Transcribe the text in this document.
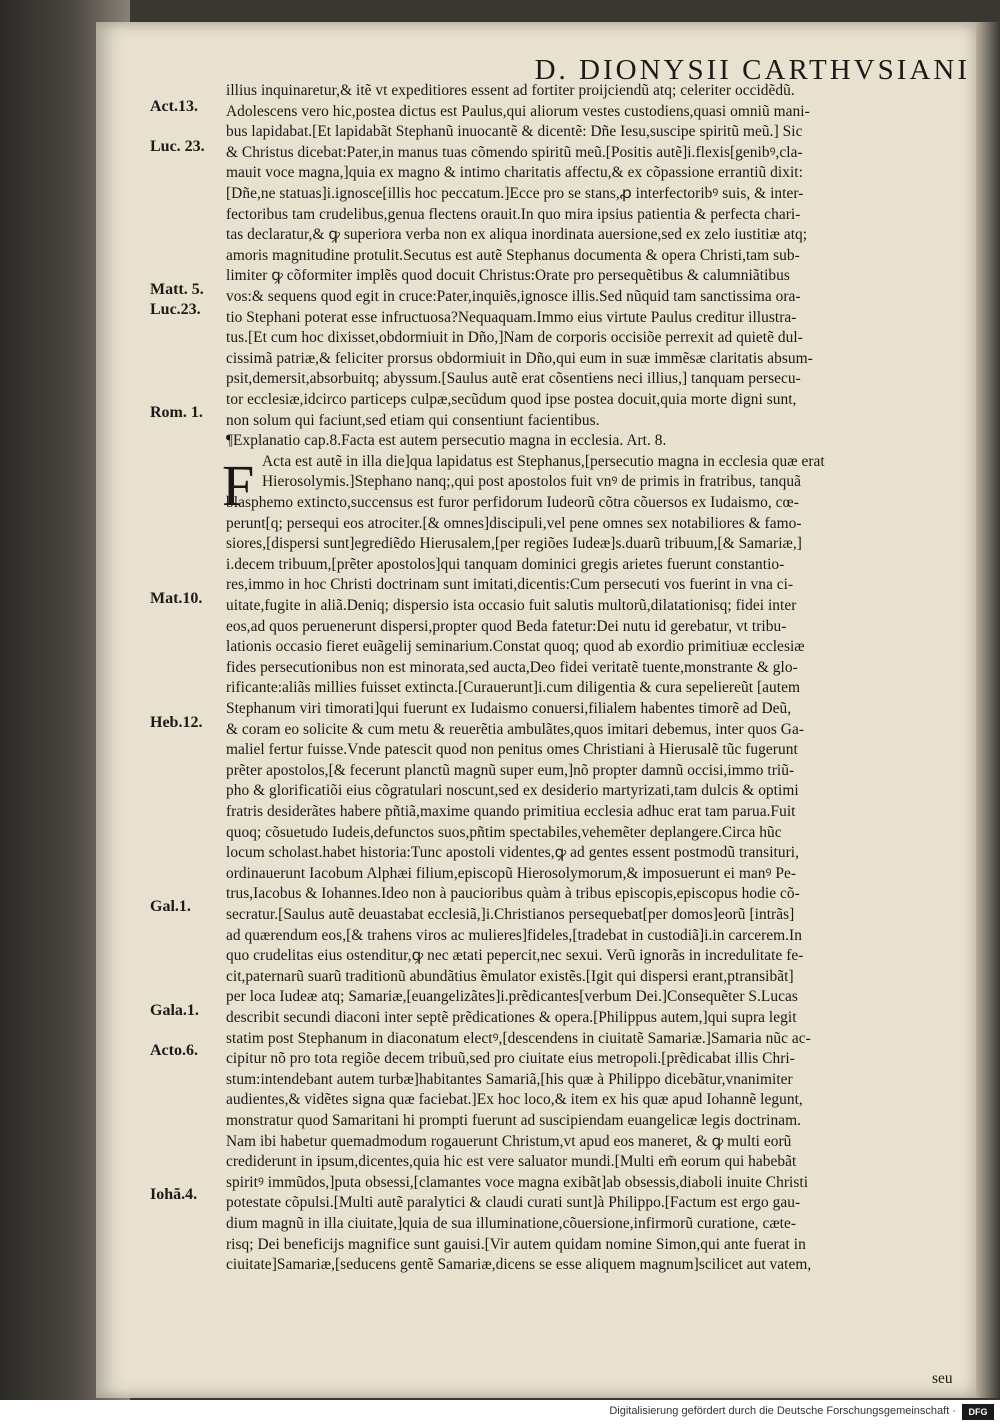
D. DIONYSII CARTHVSIANI
Act.13.
Luc. 23.
Matt. 5.
Luc.23.
Rom. 1.
Mat.10.
Heb.12.
Gal.1.
Gala.1.
Acto.6.
Iohã.4.
F
illius inquinaretur,& itẽ vt expeditiores essent ad fortiter proijciendũ atq; celeriter occidẽdũ.
Adolescens vero hic,postea dictus est Paulus,qui aliorum vestes custodiens,quasi omniũ mani-
bus lapidabat.[Et lapidabãt Stephanũ inuocantẽ & dicentẽ: Dñe Iesu,suscipe spiritũ meũ.] Sic
& Christus dicebat:Pater,in manus tuas cõmendo spiritũ meũ.[Positis autẽ]i.flexis[genibꝰ,cla-
mauit voce magna,]quia ex magno & intimo charitatis affectu,& ex cõpassione errantiũ dixit:
[Dñe,ne statuas]i.ignosce[illis hoc peccatum.]Ecce pro se stans,ꝓ interfectoribꝰ suis, & inter-
fectoribus tam crudelibus,genua flectens orauit.In quo mira ipsius patientia & perfecta chari-
tas declaratur,& ꝙ superiora verba non ex aliqua inordinata auersione,sed ex zelo iustitiæ atq;
amoris magnitudine protulit.Secutus est autẽ Stephanus documenta & opera Christi,tam sub-
limiter ꝙ cõformiter implẽs quod docuit Christus:Orate pro persequẽtibus & calumniãtibus
vos:& sequens quod egit in cruce:Pater,inquiẽs,ignosce illis.Sed nũquid tam sanctissima ora-
tio Stephani poterat esse infructuosa?Nequaquam.Immo eius virtute Paulus creditur illustra-
tus.[Et cum hoc dixisset,obdormiuit in Dño,]Nam de corporis occisiõe perrexit ad quietẽ dul-
cissimã patriæ,& feliciter prorsus obdormiuit in Dño,qui eum in suæ immẽsæ claritatis absum-
psit,demersit,absorbuitq; abyssum.[Saulus autẽ erat cõsentiens neci illius,] tanquam persecu-
tor ecclesiæ,idcirco particeps culpæ,secũdum quod ipse postea docuit,quia morte digni sunt,
non solum qui faciunt,sed etiam qui consentiunt facientibus.
¶Explanatio cap.8.Facta est autem persecutio magna in ecclesia. Art. 8.
Acta est autẽ in illa die]qua lapidatus est Stephanus,[persecutio magna in ecclesia quæ erat
Hierosolymis.]Stephano nanq;,qui post apostolos fuit vnꝰ de primis in fratribus, tanquã
blasphemo extincto,succensus est furor perfidorum Iudeorũ cõtra cõuersos ex Iudaismo, cœ-
perunt[q; persequi eos atrociter.[& omnes]discipuli,vel pene omnes sex notabiliores & famo-
siores,[dispersi sunt]egrediẽdo Hierusalem,[per regiões Iudeæ]s.duarũ tribuum,[& Samariæ,]
i.decem tribuum,[prẽter apostolos]qui tanquam dominici gregis arietes fuerunt constantio-
res,immo in hoc Christi doctrinam sunt imitati,dicentis:Cum persecuti vos fuerint in vna ci-
uitate,fugite in aliã.Deniq; dispersio ista occasio fuit salutis multorũ,dilatationisq; fidei inter
eos,ad quos peruenerunt dispersi,propter quod Beda fatetur:Dei nutu id gerebatur, vt tribu-
lationis occasio fieret euãgelij seminarium.Constat quoq; quod ab exordio primitiuæ ecclesiæ
fides persecutionibus non est minorata,sed aucta,Deo fidei veritatẽ tuente,monstrante & glo-
rificante:aliãs millies fuisset extincta.[Curauerunt]i.cum diligentia & cura sepeliereũt [autem
Stephanum viri timorati]qui fuerunt ex Iudaismo conuersi,filialem habentes timorẽ ad Deũ,
& coram eo solicite & cum metu & reuerẽtia ambulãtes,quos imitari debemus, inter quos Ga-
maliel fertur fuisse.Vnde patescit quod non penitus omes Christiani à Hierusalẽ tũc fugerunt
prẽter apostolos,[& fecerunt planctũ magnũ super eum,]nõ propter damnũ occisi,immo triũ-
pho & glorificatiõi eius cõgratulari noscunt,sed ex desiderio martyrizati,tam dulcis & optimi
fratris desiderãtes habere pñtiã,maxime quando primitiua ecclesia adhuc erat tam parua.Fuit
quoq; cõsuetudo Iudeis,defunctos suos,pñtim spectabiles,vehemẽter deplangere.Circa hũc
locum scholast.habet historia:Tunc apostoli videntes,ꝙ ad gentes essent postmodũ transituri,
ordinauerunt Iacobum Alphæi filium,episcopũ Hierosolymorum,& imposuerunt ei manꝰ Pe-
trus,Iacobus & Iohannes.Ideo non à paucioribus quàm à tribus episcopis,episcopus hodie cõ-
secratur.[Saulus autẽ deuastabat ecclesiã,]i.Christianos persequebat[per domos]eorũ [intrãs]
ad quærendum eos,[& trahens viros ac mulieres]fideles,[tradebat in custodiã]i.in carcerem.In
quo crudelitas eius ostenditur,ꝙ nec ætati pepercit,nec sexui. Verũ ignorãs in incredulitate fe-
cit,paternarũ suarũ traditionũ abundãtius ẽmulator existẽs.[Igit qui dispersi erant,ptransibãt]
per loca Iudeæ atq; Samariæ,[euangelizãtes]i.prẽdicantes[verbum Dei.]Consequẽter S.Lucas
describit secundi diaconi inter septẽ prẽdicationes & opera.[Philippus autem,]qui supra legit
statim post Stephanum in diaconatum electꝰ,[descendens in ciuitatẽ Samariæ.]Samaria nũc ac-
cipitur nõ pro tota regiõe decem tribuũ,sed pro ciuitate eius metropoli.[prẽdicabat illis Chri-
stum:intendebant autem turbæ]habitantes Samariã,[his quæ à Philippo dicebãtur,vnanimiter
audientes,& vidẽtes signa quæ faciebat.]Ex hoc loco,& item ex his quæ apud Iohannẽ legunt,
monstratur quod Samaritani hi prompti fuerunt ad suscipiendam euangelicæ legis doctrinam.
Nam ibi habetur quemadmodum rogauerunt Christum,vt apud eos maneret, & ꝙ multi eorũ
crediderunt in ipsum,dicentes,quia hic est vere saluator mundi.[Multi em̃ eorum qui habebãt
spiritꝰ immũdos,]puta obsessi,[clamantes voce magna exibãt]ab obsessis,diaboli inuite Christi
potestate cõpulsi.[Multi autẽ paralytici & claudi curati sunt]à Philippo.[Factum est ergo gau-
dium magnũ in illa ciuitate,]quia de sua illuminatione,cõuersione,infirmorũ curatione, cæte-
risq; Dei beneficijs magnifice sunt gauisi.[Vir autem quidam nomine Simon,qui ante fuerat in
ciuitate]Samariæ,[seducens gentẽ Samariæ,dicens se esse aliquem magnum]scilicet aut vatem,
seu
Digitalisierung gefördert durch die Deutsche Forschungsgemeinschaft ·	DFG
